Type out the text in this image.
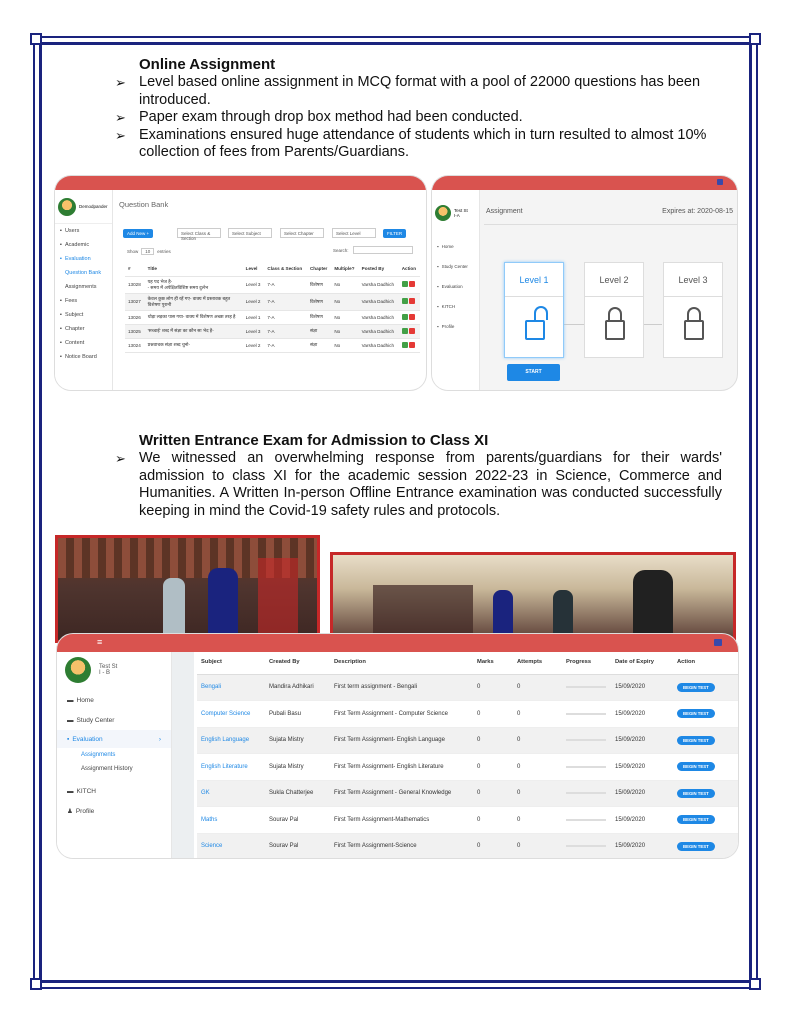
Online Assignment
➢ Level based online assignment in MCQ format with a pool of 22000 questions has been introduced.
➢ Paper exam through drop box method had been conducted.
➢ Examinations ensured huge attendance of students which in turn resulted to almost 10% collection of fees from Parents/Guardians.
Demodpander
▪ Users
▪ Academic
▪ Evaluation
Question Bank
Assignments
▪ Fees
▪ Subject
▪ Chapter
▪ Content
▪ Notice Board
Question Bank
Add New +	Select Class & Section
Select Subject	Select Chapter	Select Level	FILTER
Show	10	entries	Search:
#	Title	Level	Class & Section	Chapter	Multiple?	Posted By	Action
13028	यह पद भेज है-
- समय में अपेक्षितविशिष्ट समय दुर्लभ	Level 3	7-A	विशेषण	No	Varsha Dadhich	
13027	केवल कुछ लोग ही रहें गए- वाक्य में प्रस्तावक बहुत
विशेषण पुरानी	Level 2	7-A	विशेषण	No	Varsha Dadhich	
13026	थोड़ा लड़का पास गया- वाक्य में विशेषण अच्छा तरह है	Level 1	7-A	विशेषण	No	Varsha Dadhich	
13025	'सच्चाई' शब्द में संज्ञा का कौन सा भेद है-	Level 3	7-A	संज्ञा	No	Varsha Dadhich	
13024	प्रश्नवाचक संज्ञा शब्द चुनो-	Level 2	7-A	संज्ञा	No	Varsha Dadhich	
Test St
I-A
▪ Home
▪ Study Center
▪ Evaluation
▪ KITCH
▪ Profile
Assignment	Expires at: 2020-08-15
Level 1	Level 2	Level 3
START
Written Entrance Exam for Admission to Class XI
➢ We witnessed an overwhelming response from parents/guardians for their wards' admission to class XI for the academic session 2022-23 in Science, Commerce and Humanities. A Written In-person Offline Entrance examination was conducted successfully keeping in mind the Covid-19 safety rules and protocols.
≡
Test St
I - B
▬ Home
▬ Study Center
▪ Evaluation	›
Assignments
Assignment History
▬ KITCH
♟ Profile
Subject	Created By	Description	Marks	Attempts	Progress	Date of Expiry	Action
Bengali	Mandira Adhikari	First term assignment - Bengali	0	0		15/09/2020	BEGIN TEST
Computer Science	Pubali Basu	First Term Assignment - Computer Science	0	0		15/09/2020	BEGIN TEST
English Language	Sujata Mistry	First Term Assignment- English Language	0	0		15/09/2020	BEGIN TEST
English Literature	Sujata Mistry	First Term Assignment- English Literature	0	0		15/09/2020	BEGIN TEST
GK	Sukla Chatterjee	First Term Assignment - General Knowledge	0	0		15/09/2020	BEGIN TEST
Maths	Sourav Pal	First Term Assignment-Mathematics	0	0		15/09/2020	BEGIN TEST
Science	Sourav Pal	First Term Assignment-Science	0	0		15/09/2020	BEGIN TEST
